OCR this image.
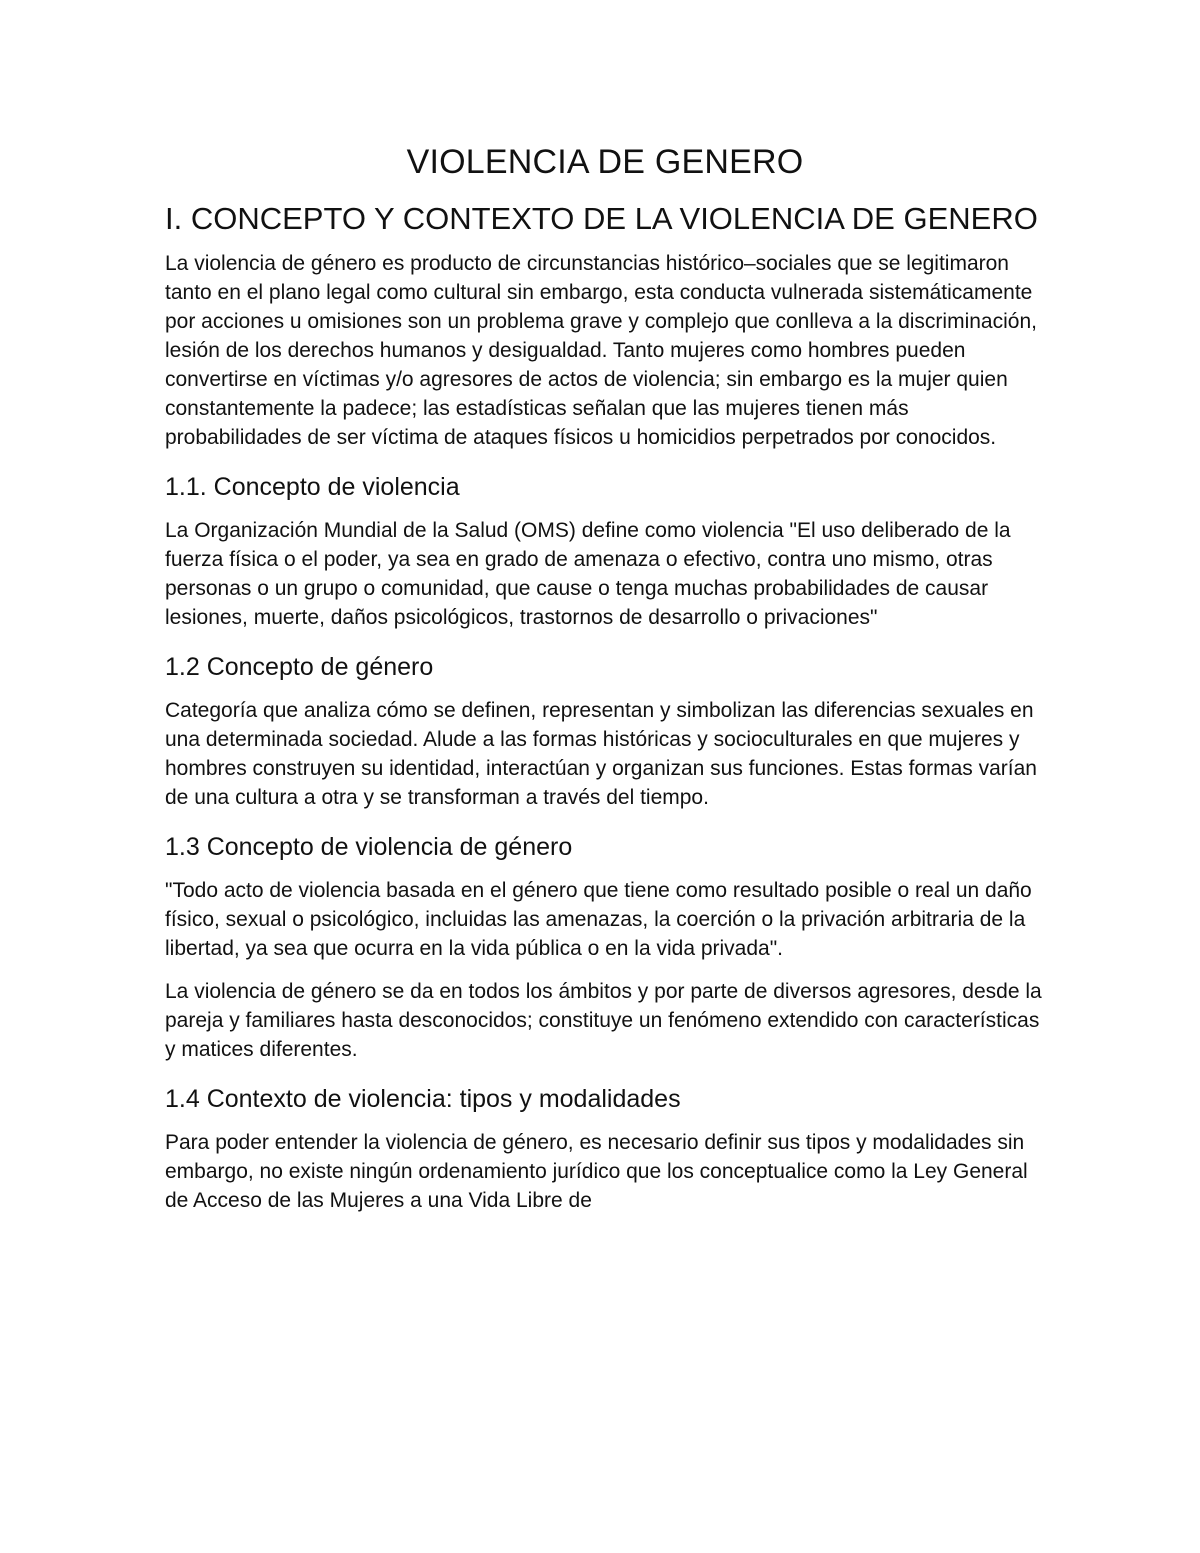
VIOLENCIA DE GENERO
I. CONCEPTO Y CONTEXTO DE LA VIOLENCIA DE GENERO

La violencia de género es producto de circunstancias histórico–sociales que se legitimaron tanto en el plano legal como cultural sin embargo, esta conducta vulnerada sistemáticamente por acciones u omisiones son un problema grave y complejo que conlleva a la discriminación, lesión de los derechos humanos y desigualdad. Tanto mujeres como hombres pueden convertirse en víctimas y/o agresores de actos de violencia; sin embargo es la mujer quien constantemente la padece; las estadísticas señalan que las mujeres tienen más probabilidades de ser víctima de ataques físicos u homicidios perpetrados por conocidos.

1.1. Concepto de violencia

La Organización Mundial de la Salud (OMS) define como violencia "El uso deliberado de la fuerza física o el poder, ya sea en grado de amenaza o efectivo, contra uno mismo, otras personas o un grupo o comunidad, que cause o tenga muchas probabilidades de causar lesiones, muerte, daños psicológicos, trastornos de desarrollo o privaciones"

1.2 Concepto de género

Categoría que analiza cómo se definen, representan y simbolizan las diferencias sexuales en una determinada sociedad. Alude a las formas históricas y socioculturales en que mujeres y hombres construyen su identidad, interactúan y organizan sus funciones. Estas formas varían de una cultura a otra y se transforman a través del tiempo.

1.3 Concepto de violencia de género

"Todo acto de violencia basada en el género que tiene como resultado posible o real un daño físico, sexual o psicológico, incluidas las amenazas, la coerción o la privación arbitraria de la libertad, ya sea que ocurra en la vida pública o en la vida privada".

La violencia de género se da en todos los ámbitos y por parte de diversos agresores, desde la pareja y familiares hasta desconocidos; constituye un fenómeno extendido con características y matices diferentes.

1.4 Contexto de violencia: tipos y modalidades

Para poder entender la violencia de género, es necesario definir sus tipos y modalidades sin embargo, no existe ningún ordenamiento jurídico que los conceptualice como la Ley General de Acceso de las Mujeres a una Vida Libre de
